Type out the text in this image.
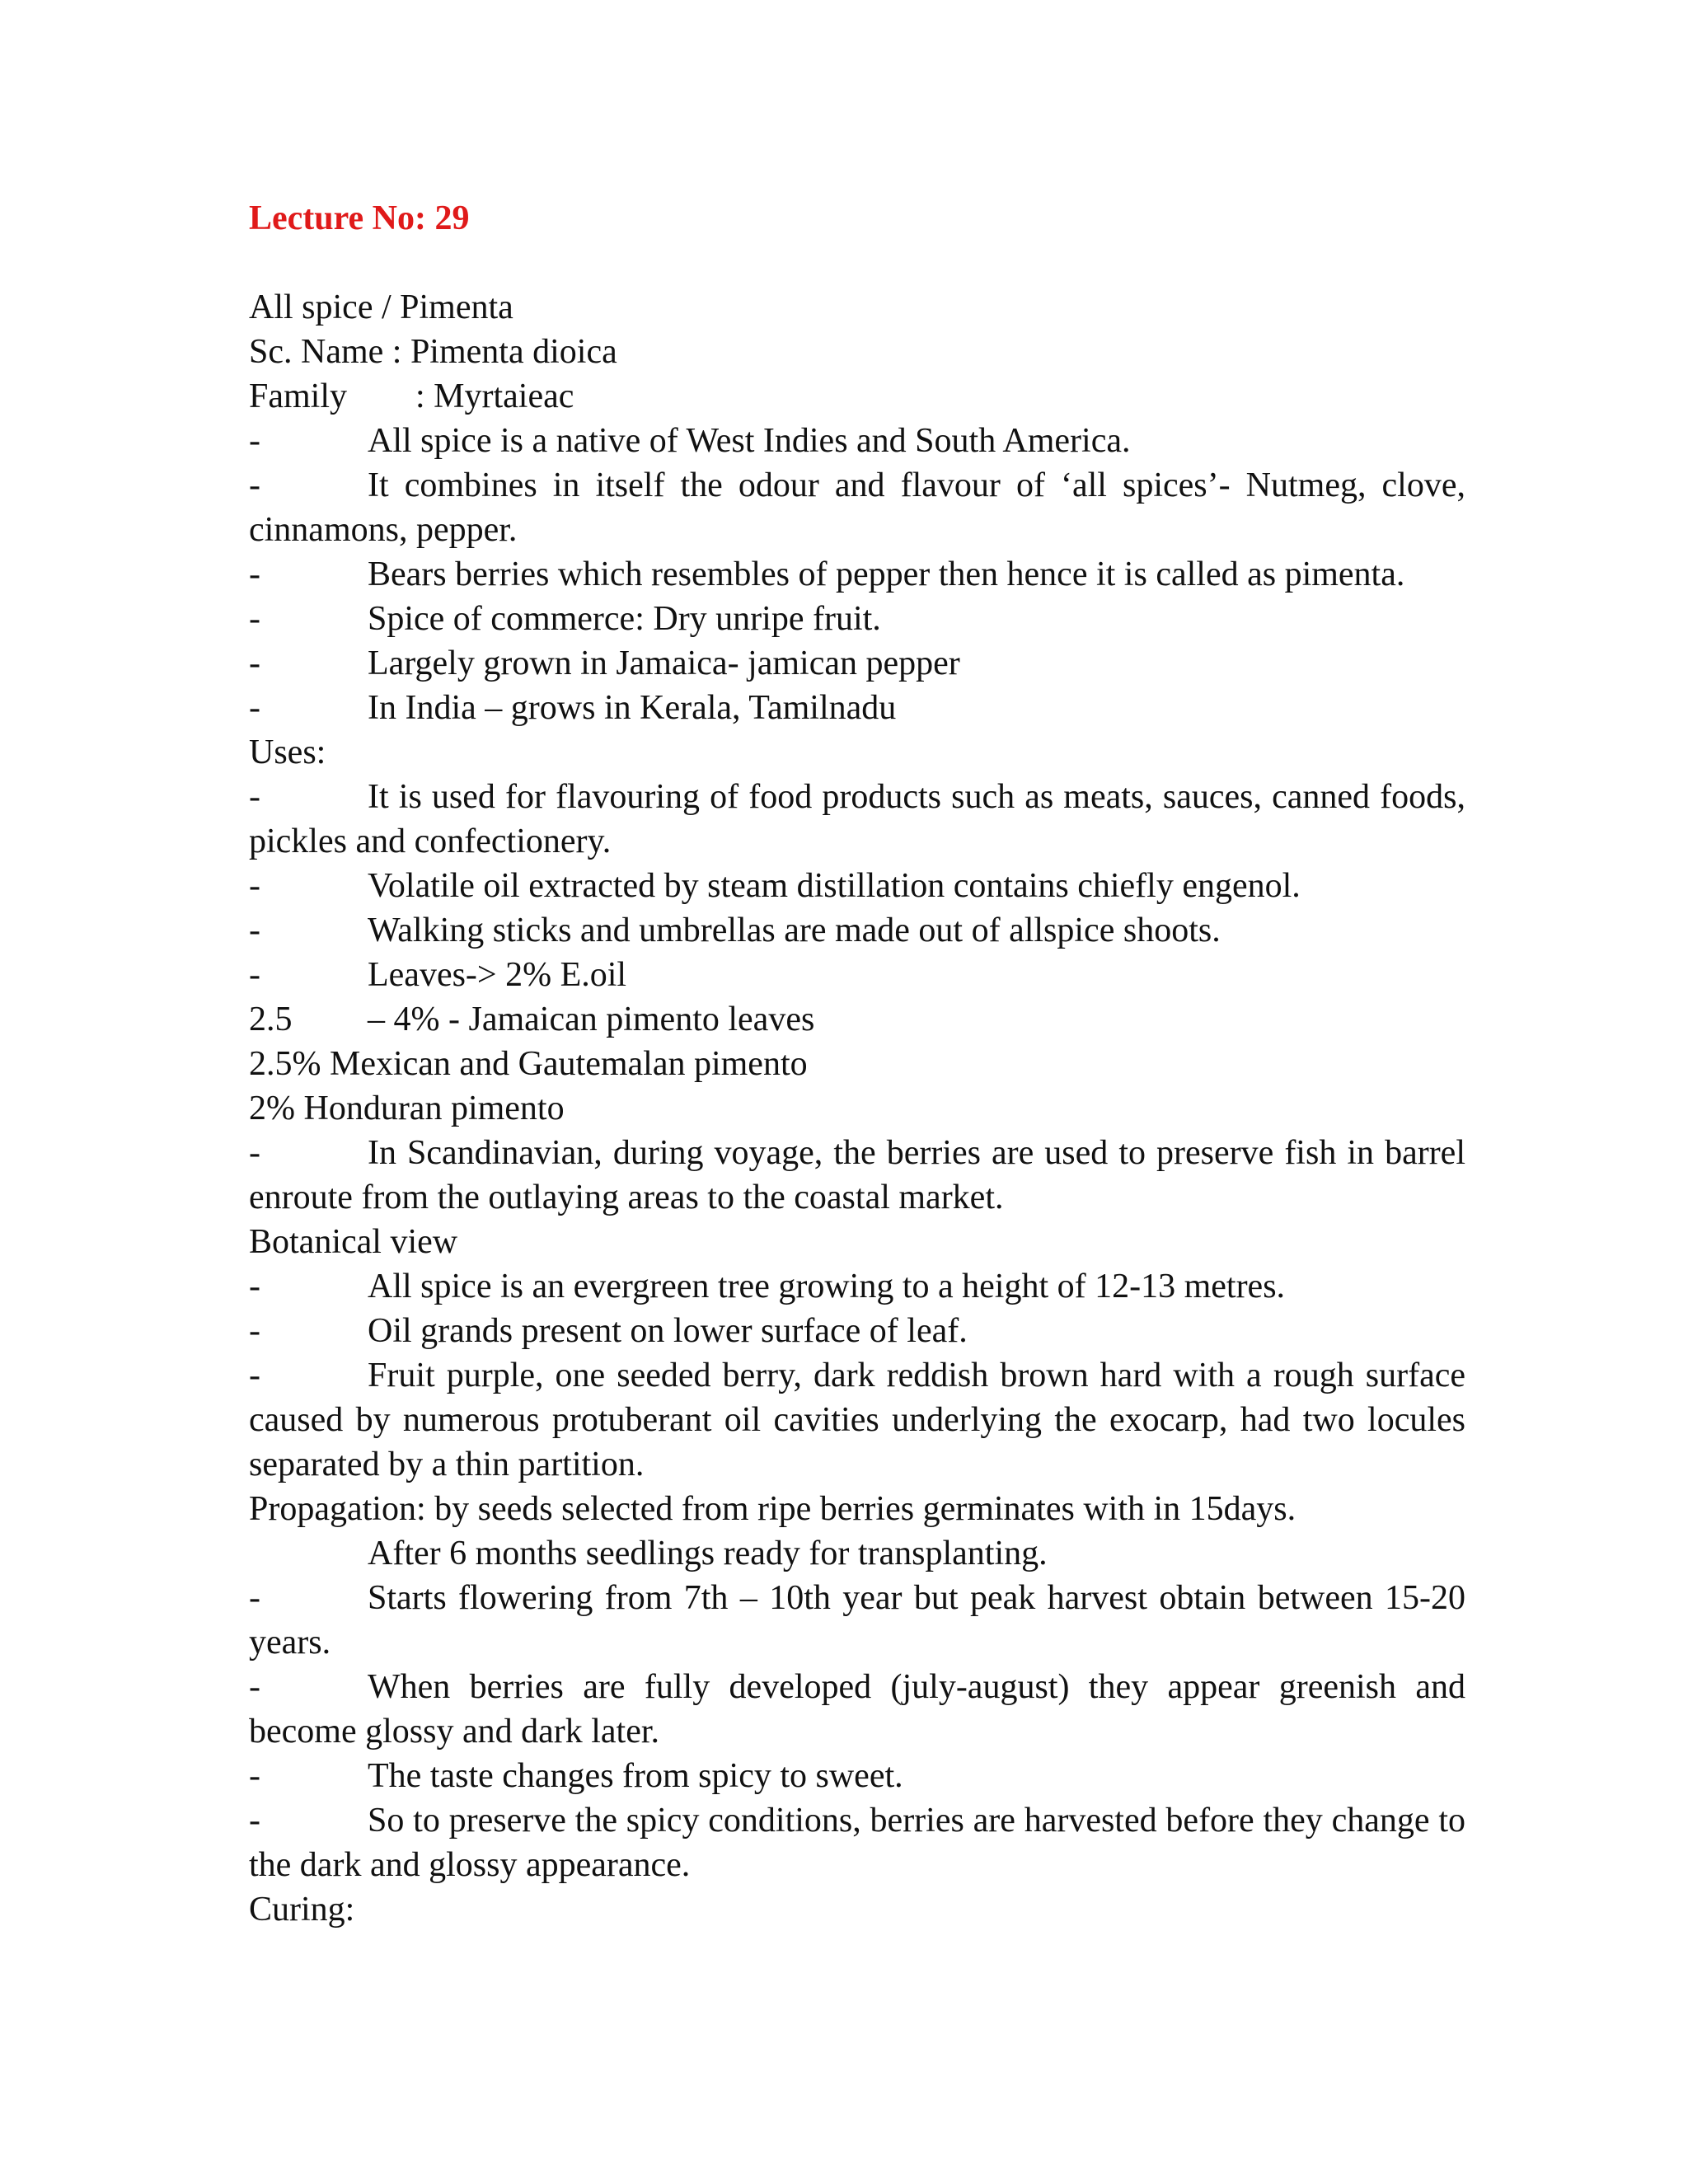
Lecture No: 29

All spice / Pimenta

Sc. Name : Pimenta dioica

Family	: Myrtaieac

-	All spice is a native of West Indies and South America.

-	It combines in itself the odour and flavour of ‘all spices’- Nutmeg, clove, cinnamons, pepper.

-	Bears berries which resembles of pepper then hence it is called as pimenta.

-	Spice of commerce: Dry unripe fruit.

-	Largely grown in Jamaica- jamican pepper

-	In India – grows in Kerala, Tamilnadu

Uses:

-	It is used for flavouring of food products such as meats, sauces, canned foods, pickles and confectionery.

-	Volatile oil extracted by steam distillation contains chiefly engenol.

-	Walking sticks and umbrellas are made out of allspice shoots.

-	Leaves-> 2% E.oil

2.5	– 4% - Jamaican pimento leaves

2.5% Mexican and Gautemalan pimento

2% Honduran pimento

-	In Scandinavian, during voyage, the berries are used to preserve fish in barrel enroute from the outlaying areas to the coastal market.

Botanical view

-	All spice is an evergreen tree growing to a height of 12-13 metres.

-	Oil grands present on lower surface of leaf.

-	Fruit purple, one seeded berry, dark reddish brown hard with a rough surface caused by numerous protuberant oil cavities underlying the exocarp, had two locules separated by a thin partition.

Propagation: by seeds selected from ripe berries germinates with in 15days.

After 6 months seedlings ready for transplanting.

-	Starts flowering from 7th – 10th year but peak harvest obtain between 15-20 years.

-	When berries are fully developed (july-august) they appear greenish and become glossy and dark later.

-	The taste changes from spicy to sweet.

-	So to preserve the spicy conditions, berries are harvested before they change to the dark and glossy appearance.

Curing:
